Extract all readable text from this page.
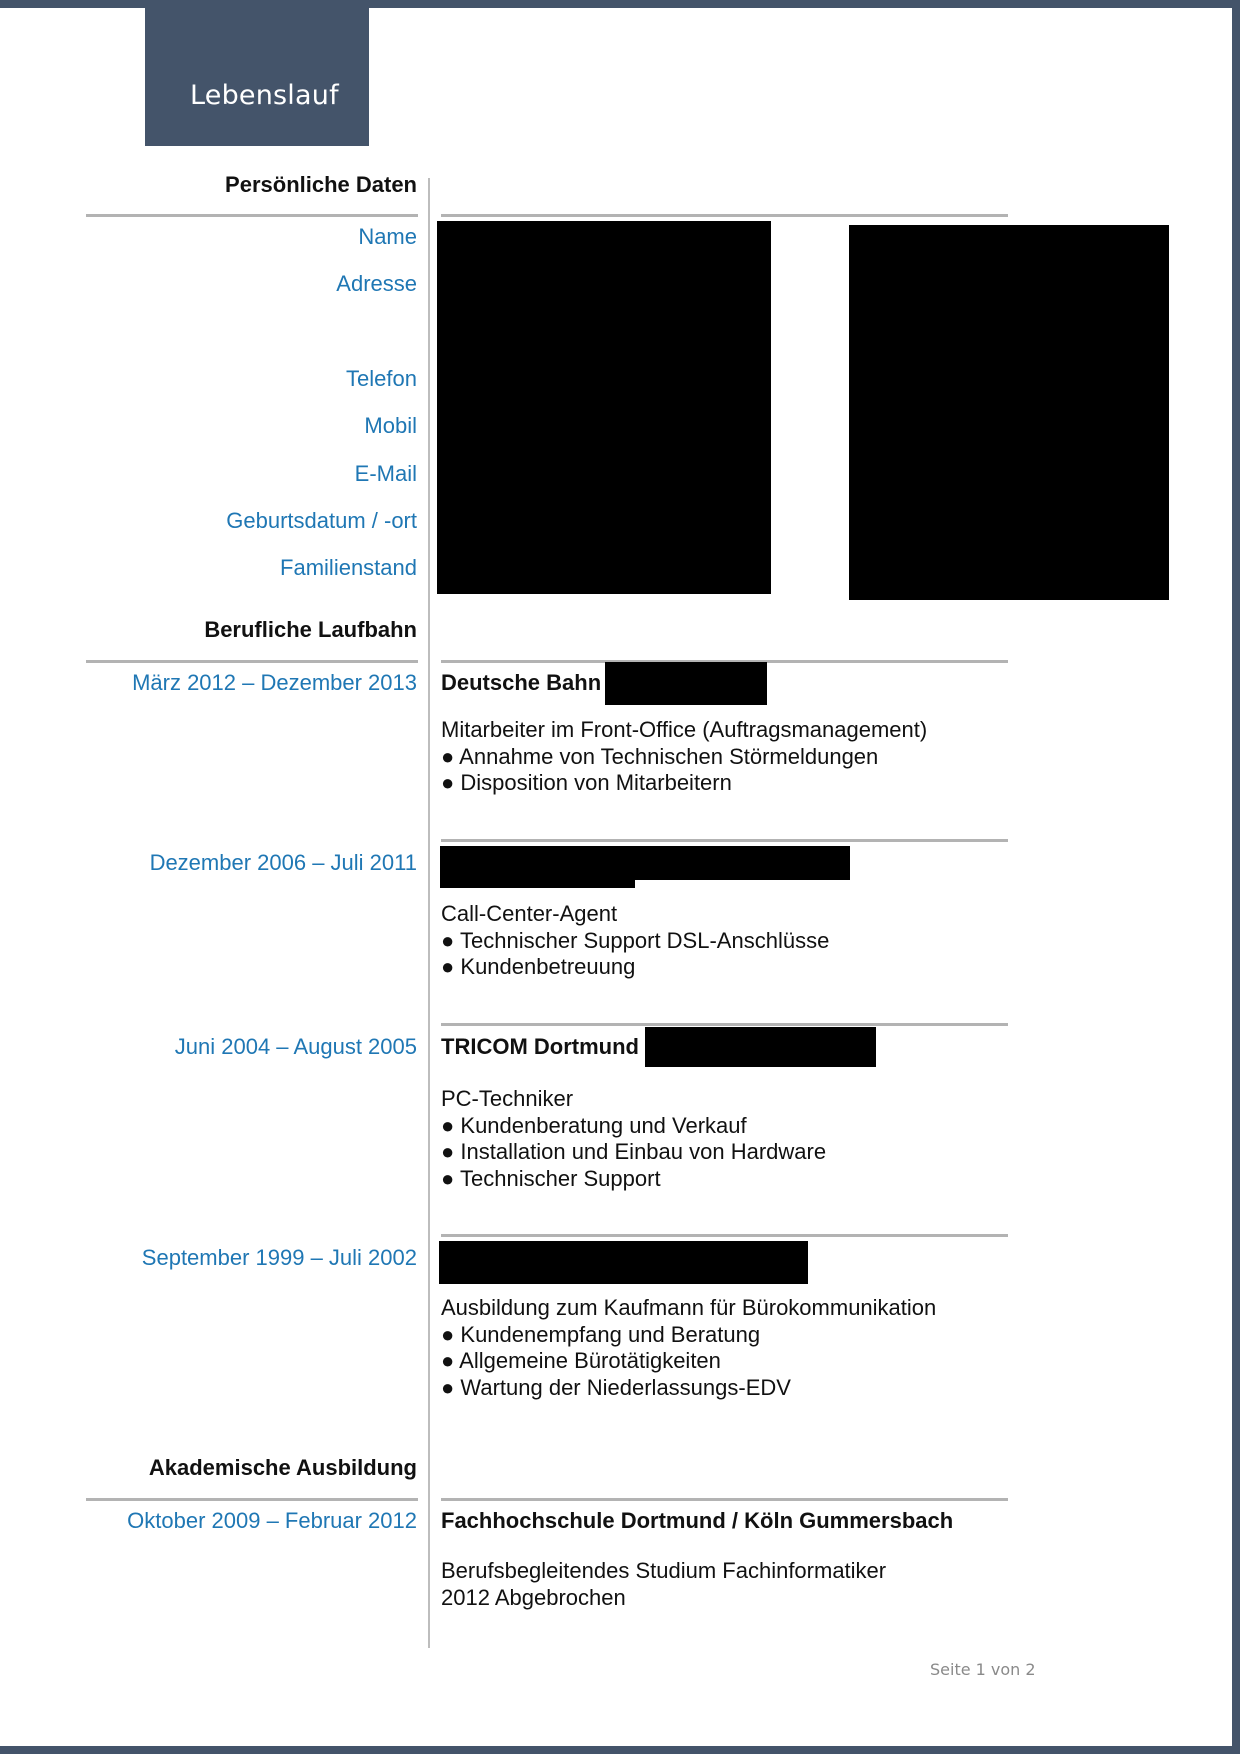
Lebenslauf
Persönliche Daten
Name
Adresse
Telefon
Mobil
E-Mail
Geburtsdatum / -ort
Familienstand
Berufliche Laufbahn
März 2012 – Dezember 2013 Deutsche Bahn
Mitarbeiter im Front-Office (Auftragsmanagement)
● Annahme von Technischen Störmeldungen
● Disposition von Mitarbeitern
Dezember 2006 – Juli 2011
Call-Center-Agent
● Technischer Support DSL-Anschlüsse
● Kundenbetreuung
Juni 2004 – August 2005 TRICOM Dortmund
PC-Techniker
● Kundenberatung und Verkauf
● Installation und Einbau von Hardware
● Technischer Support
September 1999 – Juli 2002
Ausbildung zum Kaufmann für Bürokommunikation
● Kundenempfang und Beratung
● Allgemeine Bürotätigkeiten
● Wartung der Niederlassungs-EDV
Akademische Ausbildung
Oktober 2009 – Februar 2012 Fachhochschule Dortmund / Köln Gummersbach
Berufsbegleitendes Studium Fachinformatiker
2012 Abgebrochen
Seite 1 von 2
